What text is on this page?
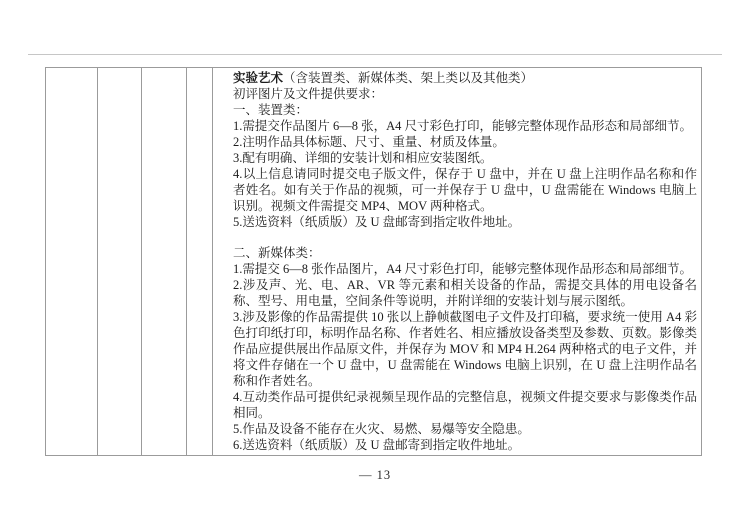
实验艺术（含装置类、新媒体类、架上类以及其他类）

初评图片及文件提供要求：

一、装置类：

1.需提交作品图片 6—8 张，A4 尺寸彩色打印，能够完整体现作品形态和局部细节。

2.注明作品具体标题、尺寸、重量、材质及体量。

3.配有明确、详细的安装计划和相应安装图纸。

4.以上信息请同时提交电子版文件，保存于 U 盘中，并在 U 盘上注明作品名称和作者姓名。如有关于作品的视频，可一并保存于 U 盘中，U 盘需能在 Windows 电脑上识别。视频文件需提交 MP4、MOV 两种格式。

5.送选资料（纸质版）及 U 盘邮寄到指定收件地址。

二、新媒体类：

1.需提交 6—8 张作品图片，A4 尺寸彩色打印，能够完整体现作品形态和局部细节。

2.涉及声、光、电、AR、VR 等元素和相关设备的作品，需提交具体的用电设备名称、型号、用电量，空间条件等说明，并附详细的安装计划与展示图纸。

3.涉及影像的作品需提供 10 张以上静帧截图电子文件及打印稿，要求统一使用 A4 彩色打印纸打印，标明作品名称、作者姓名、相应播放设备类型及参数、页数。影像类作品应提供展出作品原文件，并保存为 MOV 和 MP4 H.264 两种格式的电子文件，并将文件存储在一个 U 盘中，U 盘需能在 Windows 电脑上识别，在 U 盘上注明作品名称和作者姓名。

4.互动类作品可提供纪录视频呈现作品的完整信息，视频文件提交要求与影像类作品相同。

5.作品及设备不能存在火灾、易燃、易爆等安全隐患。

6.送选资料（纸质版）及 U 盘邮寄到指定收件地址。

— 13
